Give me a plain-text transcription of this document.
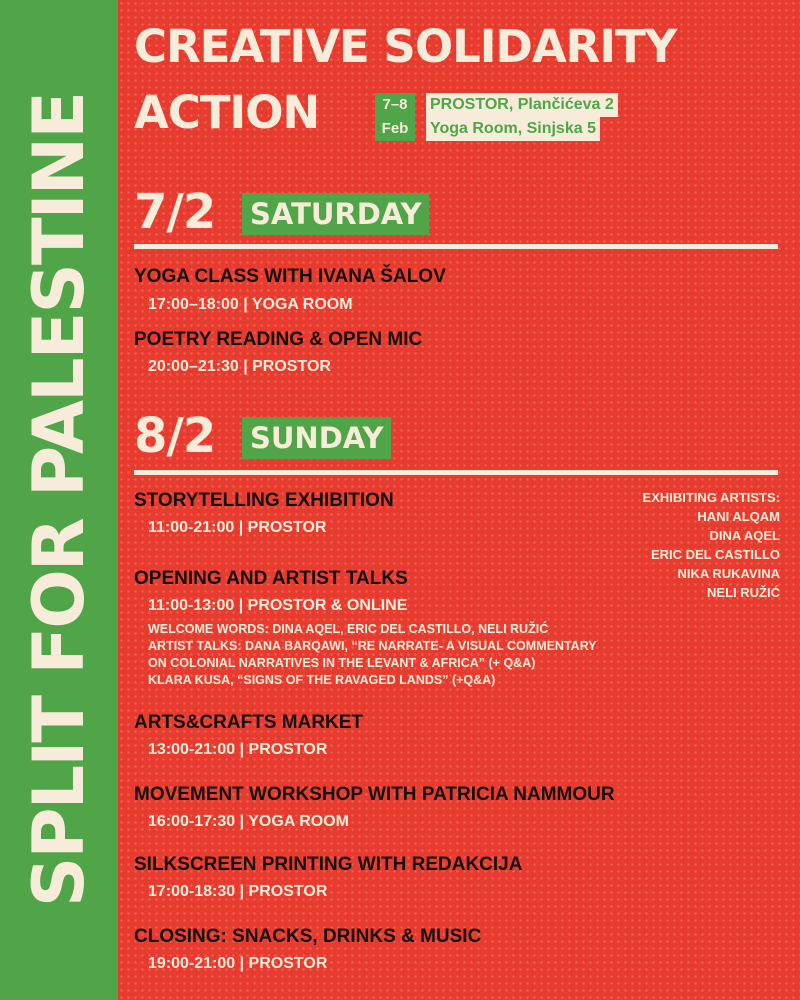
SPLIT FOR PALESTINE
CREATIVE SOLIDARITY
ACTION	7–8
Feb
PROSTOR, Plančićeva 2
Yoga Room, Sinjska 5
7/2 SATURDAY
YOGA CLASS WITH IVANA ŠALOV
17:00–18:00 | YOGA ROOM
POETRY READING & OPEN MIC
20:00–21:30 | PROSTOR
8/2 SUNDAY
STORYTELLING EXHIBITION
11:00-21:00 | PROSTOR
OPENING AND ARTIST TALKS
11:00-13:00 | PROSTOR & ONLINE
WELCOME WORDS: DINA AQEL, ERIC DEL CASTILLO, NELI RUŽIĆ
ARTIST TALKS: DANA BARQAWI, “RE NARRATE- A VISUAL COMMENTARY
ON COLONIAL NARRATIVES IN THE LEVANT & AFRICA” (+ Q&A)
KLARA KUSA, “SIGNS OF THE RAVAGED LANDS” (+Q&A)
ARTS&CRAFTS MARKET
13:00-21:00 | PROSTOR
MOVEMENT WORKSHOP WITH PATRICIA NAMMOUR
16:00-17:30 | YOGA ROOM
SILKSCREEN PRINTING WITH REDAKCIJA
17:00-18:30 | PROSTOR
CLOSING: SNACKS, DRINKS & MUSIC
19:00-21:00 | PROSTOR
EXHIBITING ARTISTS:
HANI ALQAM
DINA AQEL
ERIC DEL CASTILLO
NIKA RUKAVINA
NELI RUŽIĆ
